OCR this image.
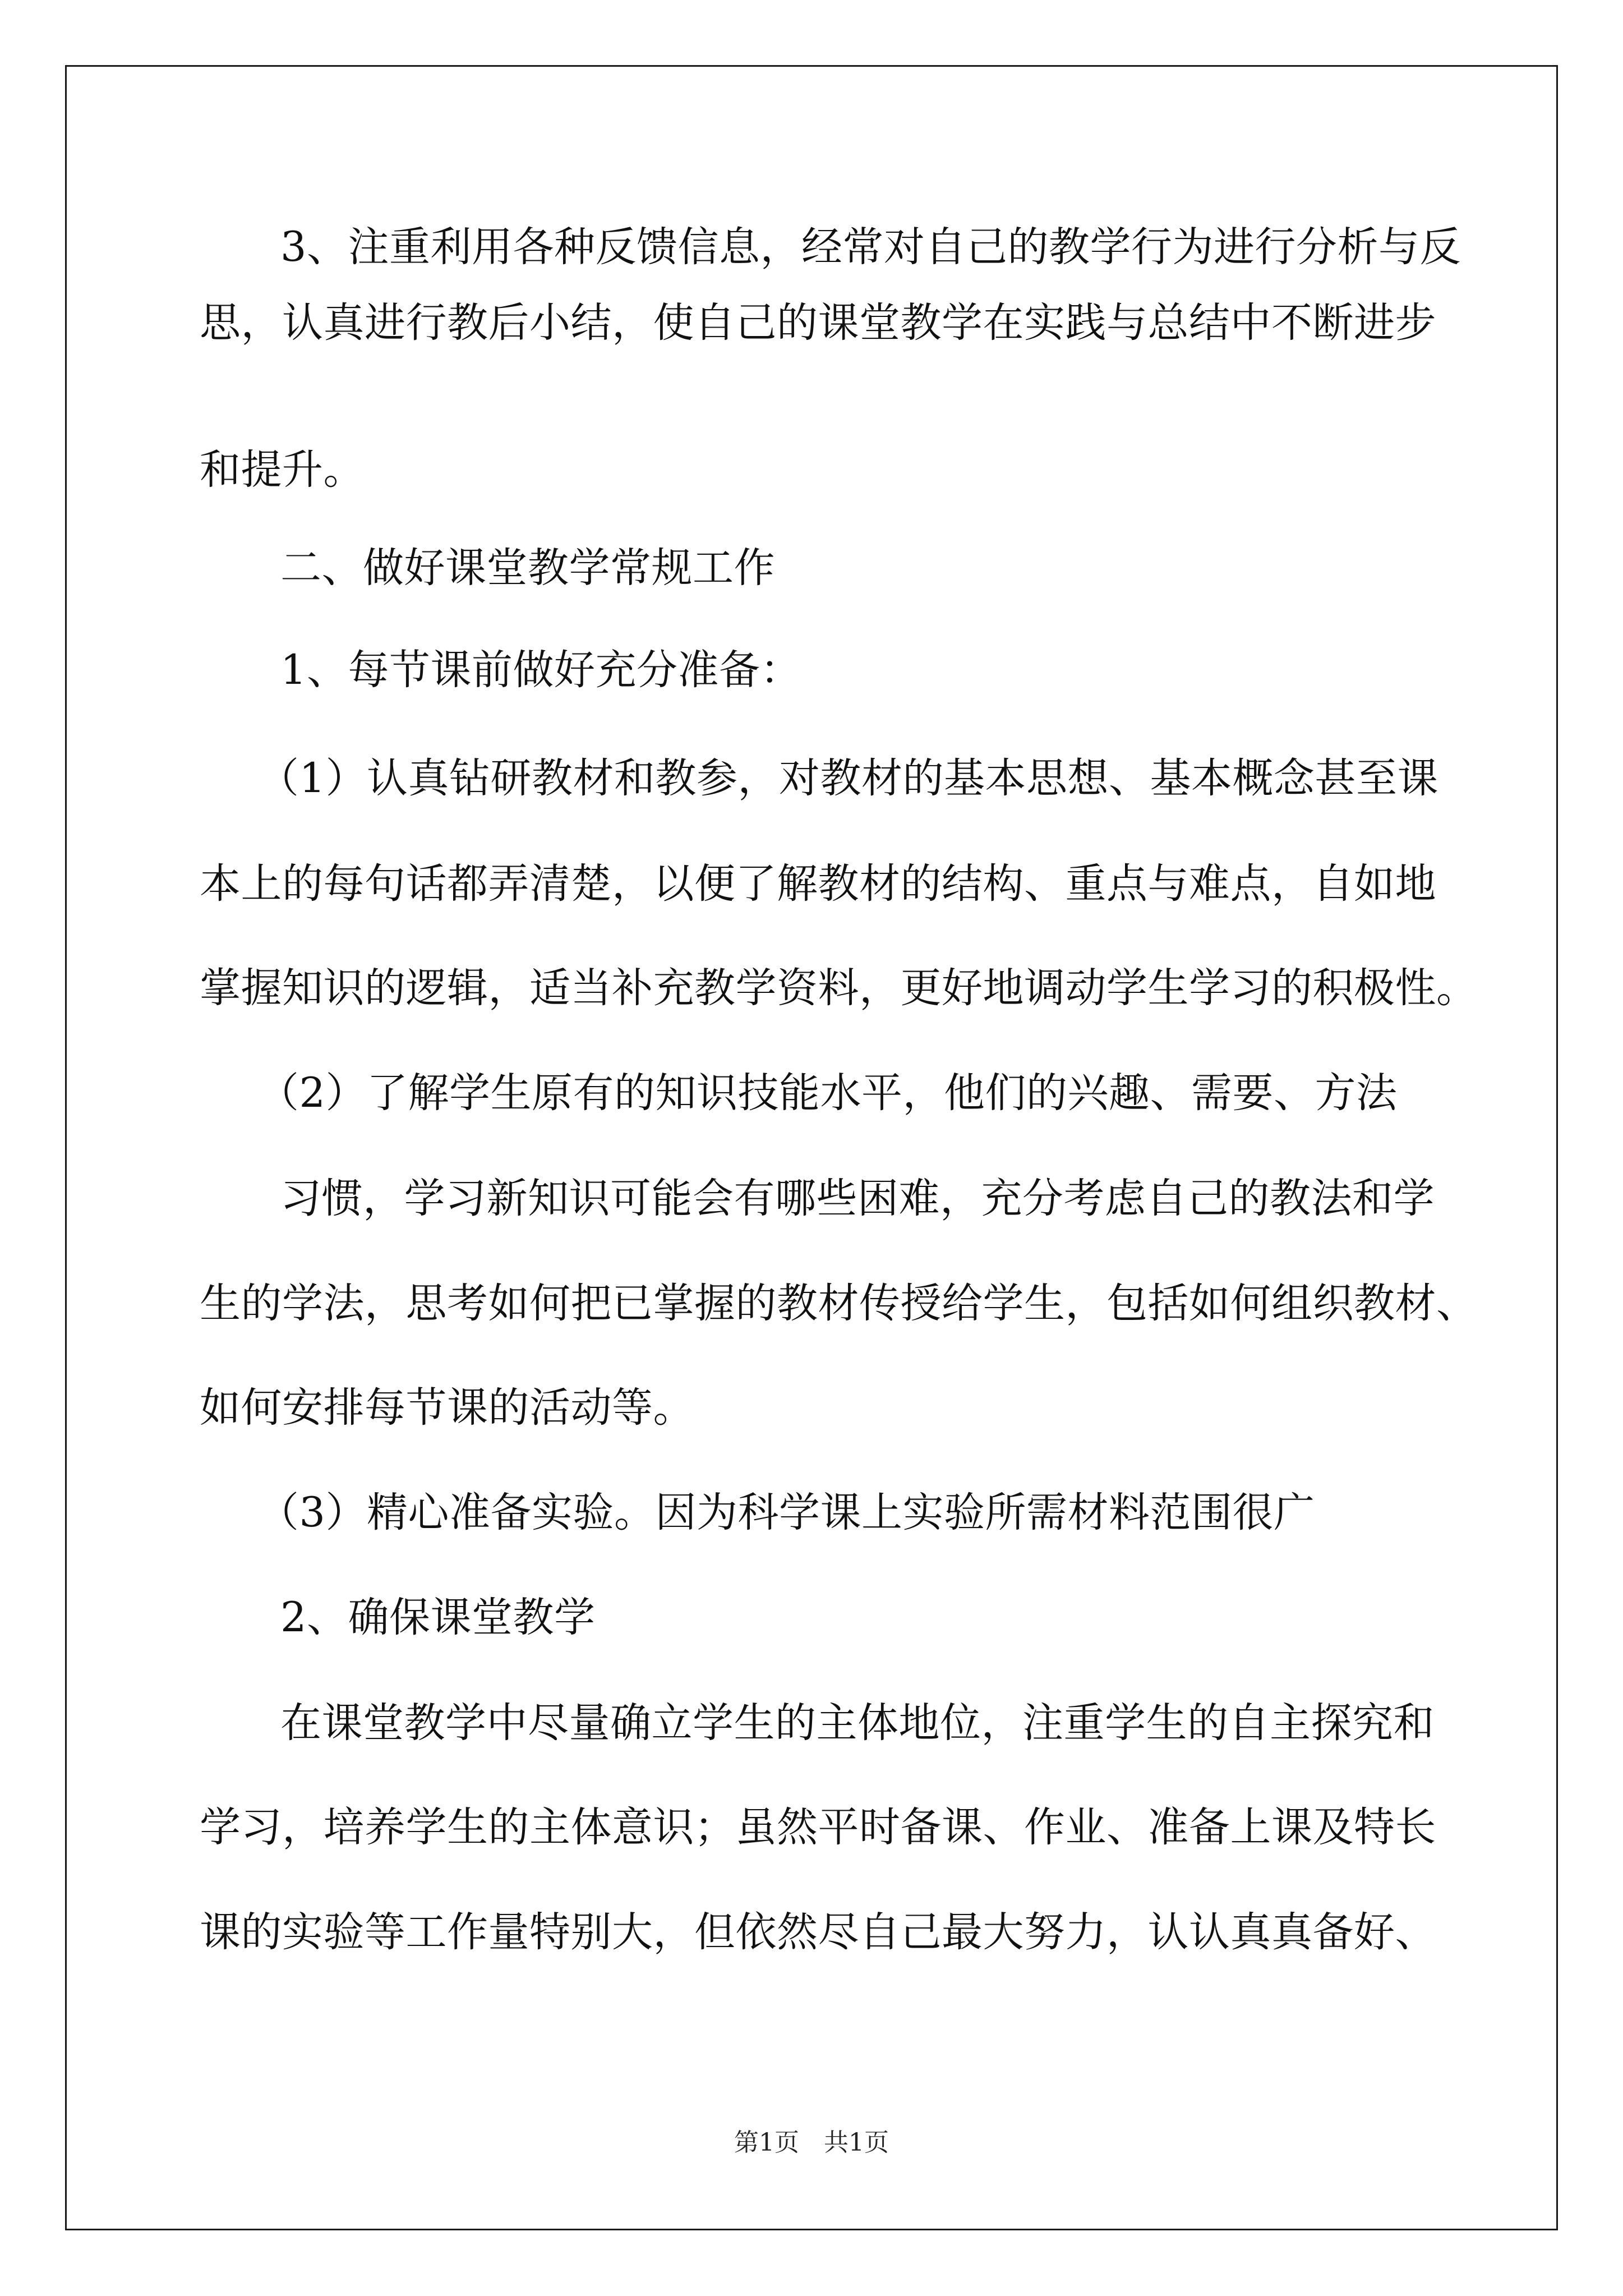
3、注重利用各种反馈信息，经常对自己的教学行为进行分析与反
思，认真进行教后小结，使自己的课堂教学在实践与总结中不断进步
和提升。
二、做好课堂教学常规工作
1、每节课前做好充分准备：
（1）认真钻研教材和教参，对教材的基本思想、基本概念甚至课
本上的每句话都弄清楚，以便了解教材的结构、重点与难点，自如地
掌握知识的逻辑，适当补充教学资料，更好地调动学生学习的积极性。
（2）了解学生原有的知识技能水平，他们的兴趣、需要、方法
习惯，学习新知识可能会有哪些困难，充分考虑自己的教法和学
生的学法，思考如何把已掌握的教材传授给学生，包括如何组织教材、
如何安排每节课的活动等。
（3）精心准备实验。因为科学课上实验所需材料范围很广
2、确保课堂教学
在课堂教学中尽量确立学生的主体地位，注重学生的自主探究和
学习，培养学生的主体意识；虽然平时备课、作业、准备上课及特长
课的实验等工作量特别大，但依然尽自己最大努力，认认真真备好、
第1页　共1页
